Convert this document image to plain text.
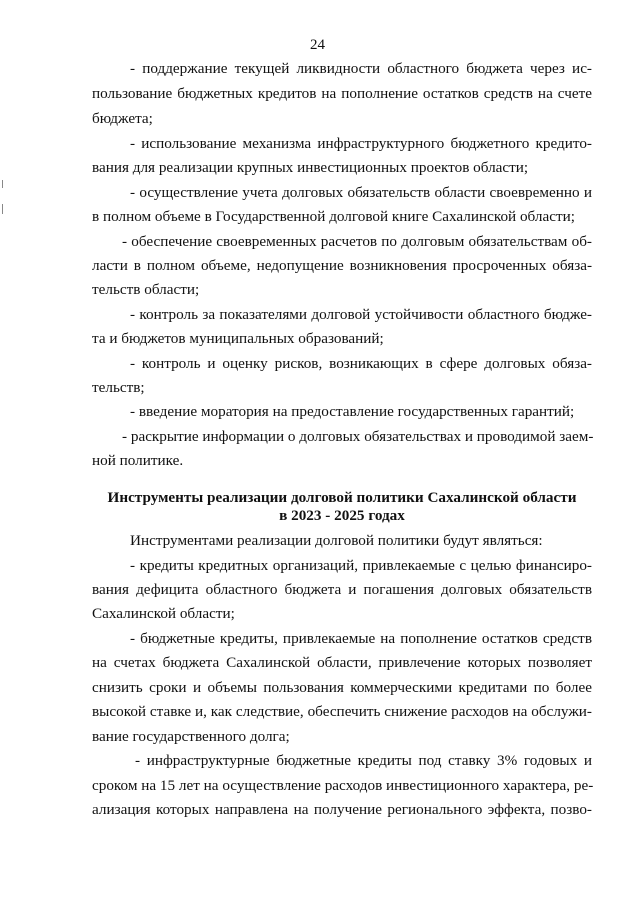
24
- поддержание текущей ликвидности областного бюджета через ис-
пользование бюджетных кредитов на пополнение остатков средств на счете
бюджета;
- использование механизма инфраструктурного бюджетного кредито-
вания для реализации крупных инвестиционных проектов области;
- осуществление учета долговых обязательств области своевременно и
в полном объеме в Государственной долговой книге Сахалинской области;
- обеспечение своевременных расчетов по долговым обязательствам об-
ласти в полном объеме, недопущение возникновения просроченных обяза-
тельств области;
- контроль за показателями долговой устойчивости областного бюдже-
та и бюджетов муниципальных образований;
- контроль и оценку рисков, возникающих в сфере долговых обяза-
тельств;
- введение моратория на предоставление государственных гарантий;
- раскрытие информации о долговых обязательствах и проводимой заем-
ной политике.
Инструменты реализации долговой политики Сахалинской области
в 2023 - 2025 годах
Инструментами реализации долговой политики будут являться:
- кредиты кредитных организаций, привлекаемые с целью финансиро-
вания дефицита областного бюджета и погашения долговых обязательств
Сахалинской области;
- бюджетные кредиты, привлекаемые на пополнение остатков средств
на счетах бюджета Сахалинской области, привлечение которых позволяет
снизить сроки и объемы пользования коммерческими кредитами по более
высокой ставке и, как следствие, обеспечить снижение расходов на обслужи-
вание государственного долга;
- инфраструктурные бюджетные кредиты под ставку 3% годовых и
сроком на 15 лет на осуществление расходов инвестиционного характера, ре-
ализация которых направлена на получение регионального эффекта, позво-
